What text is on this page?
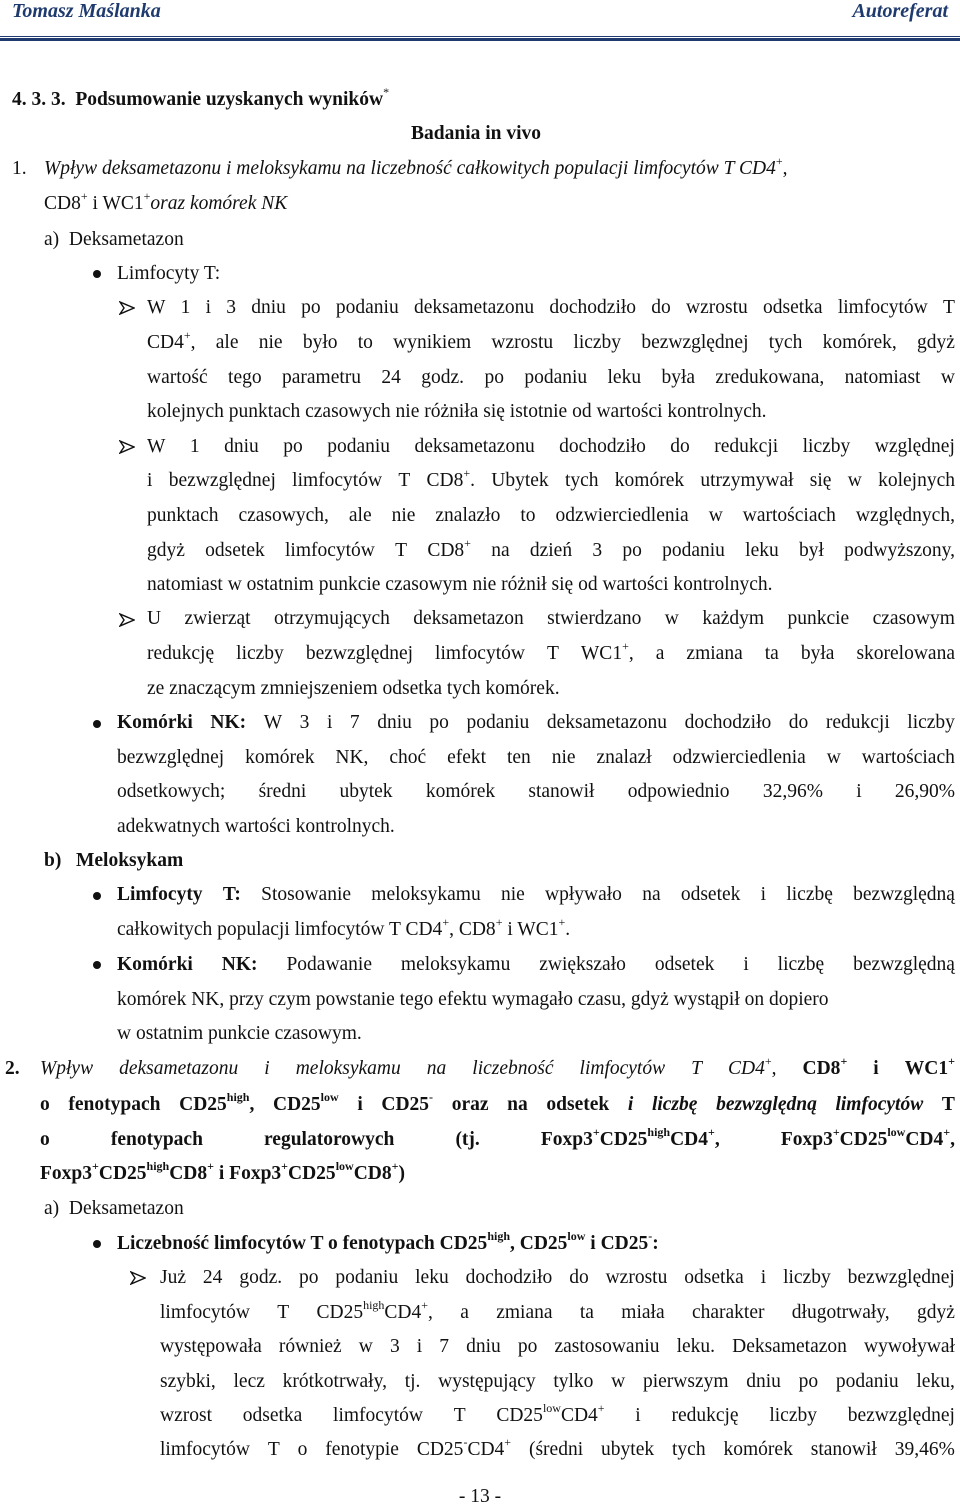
Tomasz Maślanka	Autoreferat
4. 3. 3. Podsumowanie uzyskanych wyników*
Badania in vivo
1. Wpływ deksametazonu i meloksykamu na liczebność całkowitych populacji limfocytów T CD4+,
CD8+ i WC1+oraz komórek NK
a) Deksametazon
Limfocyty T:
W 1 i 3 dniu po podaniu deksametazonu dochodziło do wzrostu odsetka limfocytów T
CD4+, ale nie było to wynikiem wzrostu liczby bezwzględnej tych komórek, gdyż
wartość tego parametru 24 godz. po podaniu leku była zredukowana, natomiast w
kolejnych punktach czasowych nie różniła się istotnie od wartości kontrolnych.
W 1 dniu po podaniu deksametazonu dochodziło do redukcji liczby względnej
i bezwzględnej limfocytów T CD8+. Ubytek tych komórek utrzymywał się w kolejnych
punktach czasowych, ale nie znalazło to odzwierciedlenia w wartościach względnych,
gdyż odsetek limfocytów T CD8+ na dzień 3 po podaniu leku był podwyższony,
natomiast w ostatnim punkcie czasowym nie różnił się od wartości kontrolnych.
U zwierząt otrzymujących deksametazon stwierdzano w każdym punkcie czasowym
redukcję liczby bezwzględnej limfocytów T WC1+, a zmiana ta była skorelowana
ze znaczącym zmniejszeniem odsetka tych komórek.
Komórki NK: W 3 i 7 dniu po podaniu deksametazonu dochodziło do redukcji liczby
bezwzględnej komórek NK, choć efekt ten nie znalazł odzwierciedlenia w wartościach
odsetkowych; średni ubytek komórek stanowił odpowiednio 32,96% i 26,90%
adekwatnych wartości kontrolnych.
b) Meloksykam
Limfocyty T: Stosowanie meloksykamu nie wpływało na odsetek i liczbę bezwzględną
całkowitych populacji limfocytów T CD4+, CD8+ i WC1+.
Komórki NK: Podawanie meloksykamu zwiększało odsetek i liczbę bezwzględną
komórek NK, przy czym powstanie tego efektu wymagało czasu, gdyż wystąpił on dopiero
w ostatnim punkcie czasowym.
2. Wpływ deksametazonu i meloksykamu na liczebność limfocytów T CD4+, CD8+ i WC1+
o fenotypach $CD25^{high}$, $CD25^{low}$ i CD25- oraz na odsetek i liczbę bezwzględną limfocytów T
o	fenotypach	regulatorowych	(tj.	$Foxp3^+CD25^{high}CD4^+$,	$Foxp3^+CD25^{low}CD4^+$,
$Foxp3^+CD25^{high}CD8^+$ i $Foxp3^+CD25^{low}CD8^+$)
a) Deksametazon
Liczebność limfocytów T o fenotypach $CD25^{high}$, $CD25^{low}$ i CD25-:
Już 24 godz. po podaniu leku dochodziło do wzrostu odsetka i liczby bezwzględnej
limfocytów T $CD25^{high}CD4^+$, a zmiana ta miała charakter długotrwały, gdyż
występowała również w 3 i 7 dniu po zastosowaniu leku. Deksametazon wywoływał
szybki, lecz krótkotrwały, tj. występujący tylko w pierwszym dniu po podaniu leku,
wzrost odsetka limfocytów T $CD25^{low}CD4^+$ i redukcję liczby bezwzględnej
limfocytów T o fenotypie CD25-CD4+ (średni ubytek tych komórek stanowił 39,46%
- 13 -
